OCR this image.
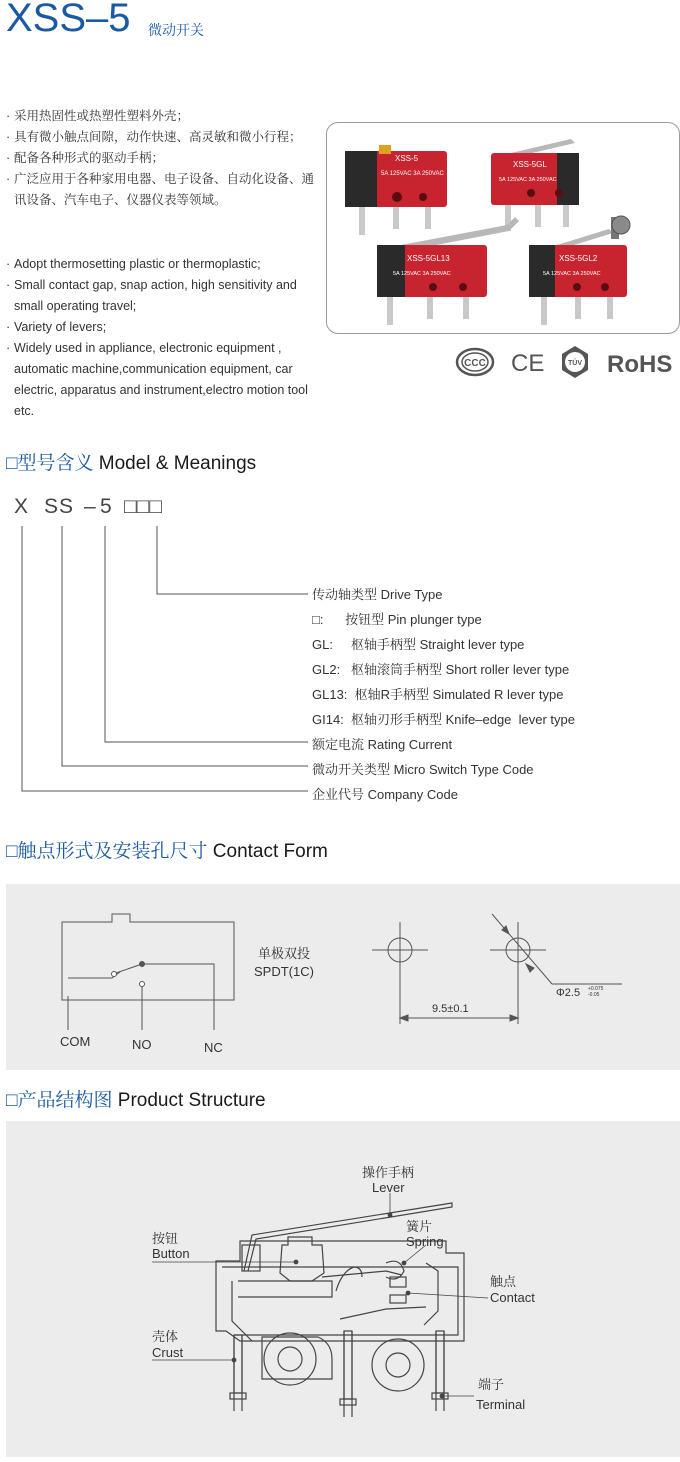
XSS–5 微动开关
· 采用热固性或热塑性塑料外壳；
· 具有微小触点间隙，动作快速、高灵敏和微小行程；
· 配备各种形式的驱动手柄；
· 广泛应用于各种家用电器、电子设备、自动化设备、通讯设备、汽车电子、仪器仪表等领域。
· Adopt thermosetting plastic or thermoplastic;
· Small contact gap, snap action, high sensitivity and small operating travel;
· Variety of levers;
· Widely used in appliance, electronic equipment , automatic machine,communication equipment, car electric, apparatus and instrument,electro motion tool etc.
XSS-5
5A 125VAC 3A 250VAC
XSS-5GL
5A 125VAC 3A 250VAC
XSS-5GL13
5A 125VAC 3A 250VAC
XSS-5GL2
5A 125VAC 3A 250VAC
CCC CE	TÜV RoHS
□型号含义 Model & Meanings
X SS – 5 □□□
传动轴类型 Drive Type
□:      按钮型 Pin plunger type
GL:     枢轴手柄型 Straight lever type
GL2:   枢轴滚筒手柄型 Short roller lever type
GL13:  枢轴R手柄型 Simulated R lever type
GI14:  枢轴刃形手柄型 Knife–edge  lever type
额定电流 Rating Current
微动开关类型 Micro Switch Type Code
企业代号 Company Code
□触点形式及安装孔尺寸 Contact Form
COM	NO	NC
单极双投
SPDT(1C)
9.5±0.1
Φ2.5 +0.075
-0.05
□产品结构图 Product Structure
操作手柄
Lever
簧片
Spring
按钮
Button
触点
Contact
壳体
Crust
端子
Terminal
